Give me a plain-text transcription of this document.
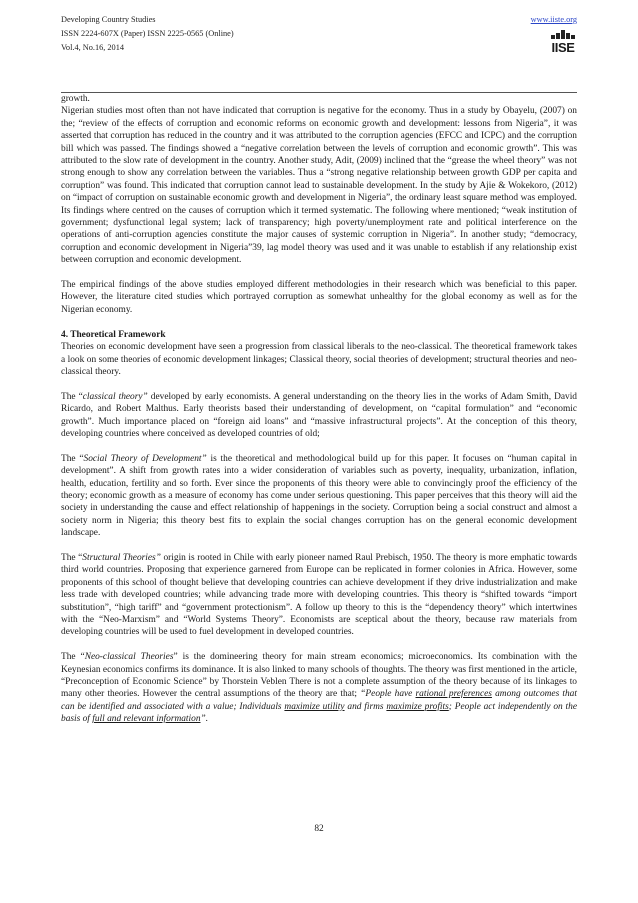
Developing Country Studies
ISSN 2224-607X (Paper) ISSN 2225-0565 (Online)
Vol.4, No.16, 2014
www.iiste.org
IISE

growth.

Nigerian studies most often than not have indicated that corruption is negative for the economy. Thus in a study by Obayelu, (2007) on the; “review of the effects of corruption and economic reforms on economic growth and development: lessons from Nigeria”, it was asserted that corruption has reduced in the country and it was attributed to the corruption agencies (EFCC and ICPC) and the corruption bill which was passed. The findings showed a “negative correlation between the levels of corruption and economic growth”. This was attributed to the slow rate of development in the country. Another study, Adit, (2009) inclined that the “grease the wheel theory” was not strong enough to show any correlation between the variables. Thus a “strong negative relationship between growth GDP per capita and corruption” was found. This indicated that corruption cannot lead to sustainable development. In the study by Ajie & Wokekoro, (2012) on “impact of corruption on sustainable economic growth and development in Nigeria”, the ordinary least square method was employed. Its findings where centred on the causes of corruption which it termed systematic. The following where mentioned; “weak institution of government; dysfunctional legal system; lack of transparency; high poverty/unemployment rate and political interference on the operations of anti-corruption agencies constitute the major causes of systemic corruption in Nigeria”. In another study; “democracy, corruption and economic development in Nigeria”39, lag model theory was used and it was unable to establish if any relationship exist between corruption and economic development.

The empirical findings of the above studies employed different methodologies in their research which was beneficial to this paper. However, the literature cited studies which portrayed corruption as somewhat unhealthy for the global economy as well as for the Nigerian economy.

4. Theoretical Framework

Theories on economic development have seen a progression from classical liberals to the neo-classical. The theoretical framework takes a look on some theories of economic development linkages; Classical theory, social theories of development; structural theories and neo-classical theory.

The “classical theory” developed by early economists. A general understanding on the theory lies in the works of Adam Smith, David Ricardo, and Robert Malthus. Early theorists based their understanding of development, on “capital formulation” and “economic growth”. Much importance placed on “foreign aid loans” and “massive infrastructural projects”. At the conception of this theory, developing countries where conceived as developed countries of old;

The “Social Theory of Development” is the theoretical and methodological build up for this paper. It focuses on “human capital in development”. A shift from growth rates into a wider consideration of variables such as poverty, inequality, urbanization, inflation, health, education, fertility and so forth. Ever since the proponents of this theory were able to convincingly proof the efficiency of the theory; economic growth as a measure of economy has come under serious questioning. This paper perceives that this theory will aid the society in understanding the cause and effect relationship of happenings in the society. Corruption being a social construct and almost a society norm in Nigeria; this theory best fits to explain the social changes corruption has on the general economic development landscape.

The “Structural Theories” origin is rooted in Chile with early pioneer named Raul Prebisch, 1950. The theory is more emphatic towards third world countries. Proposing that experience garnered from Europe can be replicated in former colonies in Africa. However, some proponents of this school of thought believe that developing countries can achieve development if they drive industrialization and make less trade with developed countries; while advancing trade more with developing countries. This theory is “shifted towards “import substitution”, “high tariff” and “government protectionism”. A follow up theory to this is the “dependency theory” which intertwines with the “Neo-Marxism” and “World Systems Theory”. Economists are sceptical about the theory, because raw materials from developing countries will be used to fuel development in developed countries.

The “Neo-classical Theories” is the domineering theory for main stream economics; microeconomics. Its combination with the Keynesian economics confirms its dominance. It is also linked to many schools of thoughts. The theory was first mentioned in the article, “Preconception of Economic Science” by Thorstein Veblen There is not a complete assumption of the theory because of its linkages to many other theories. However the central assumptions of the theory are that; “People have rational preferences among outcomes that can be identified and associated with a value; Individuals maximize utility and firms maximize profits; People act independently on the basis of full and relevant information”.

82
